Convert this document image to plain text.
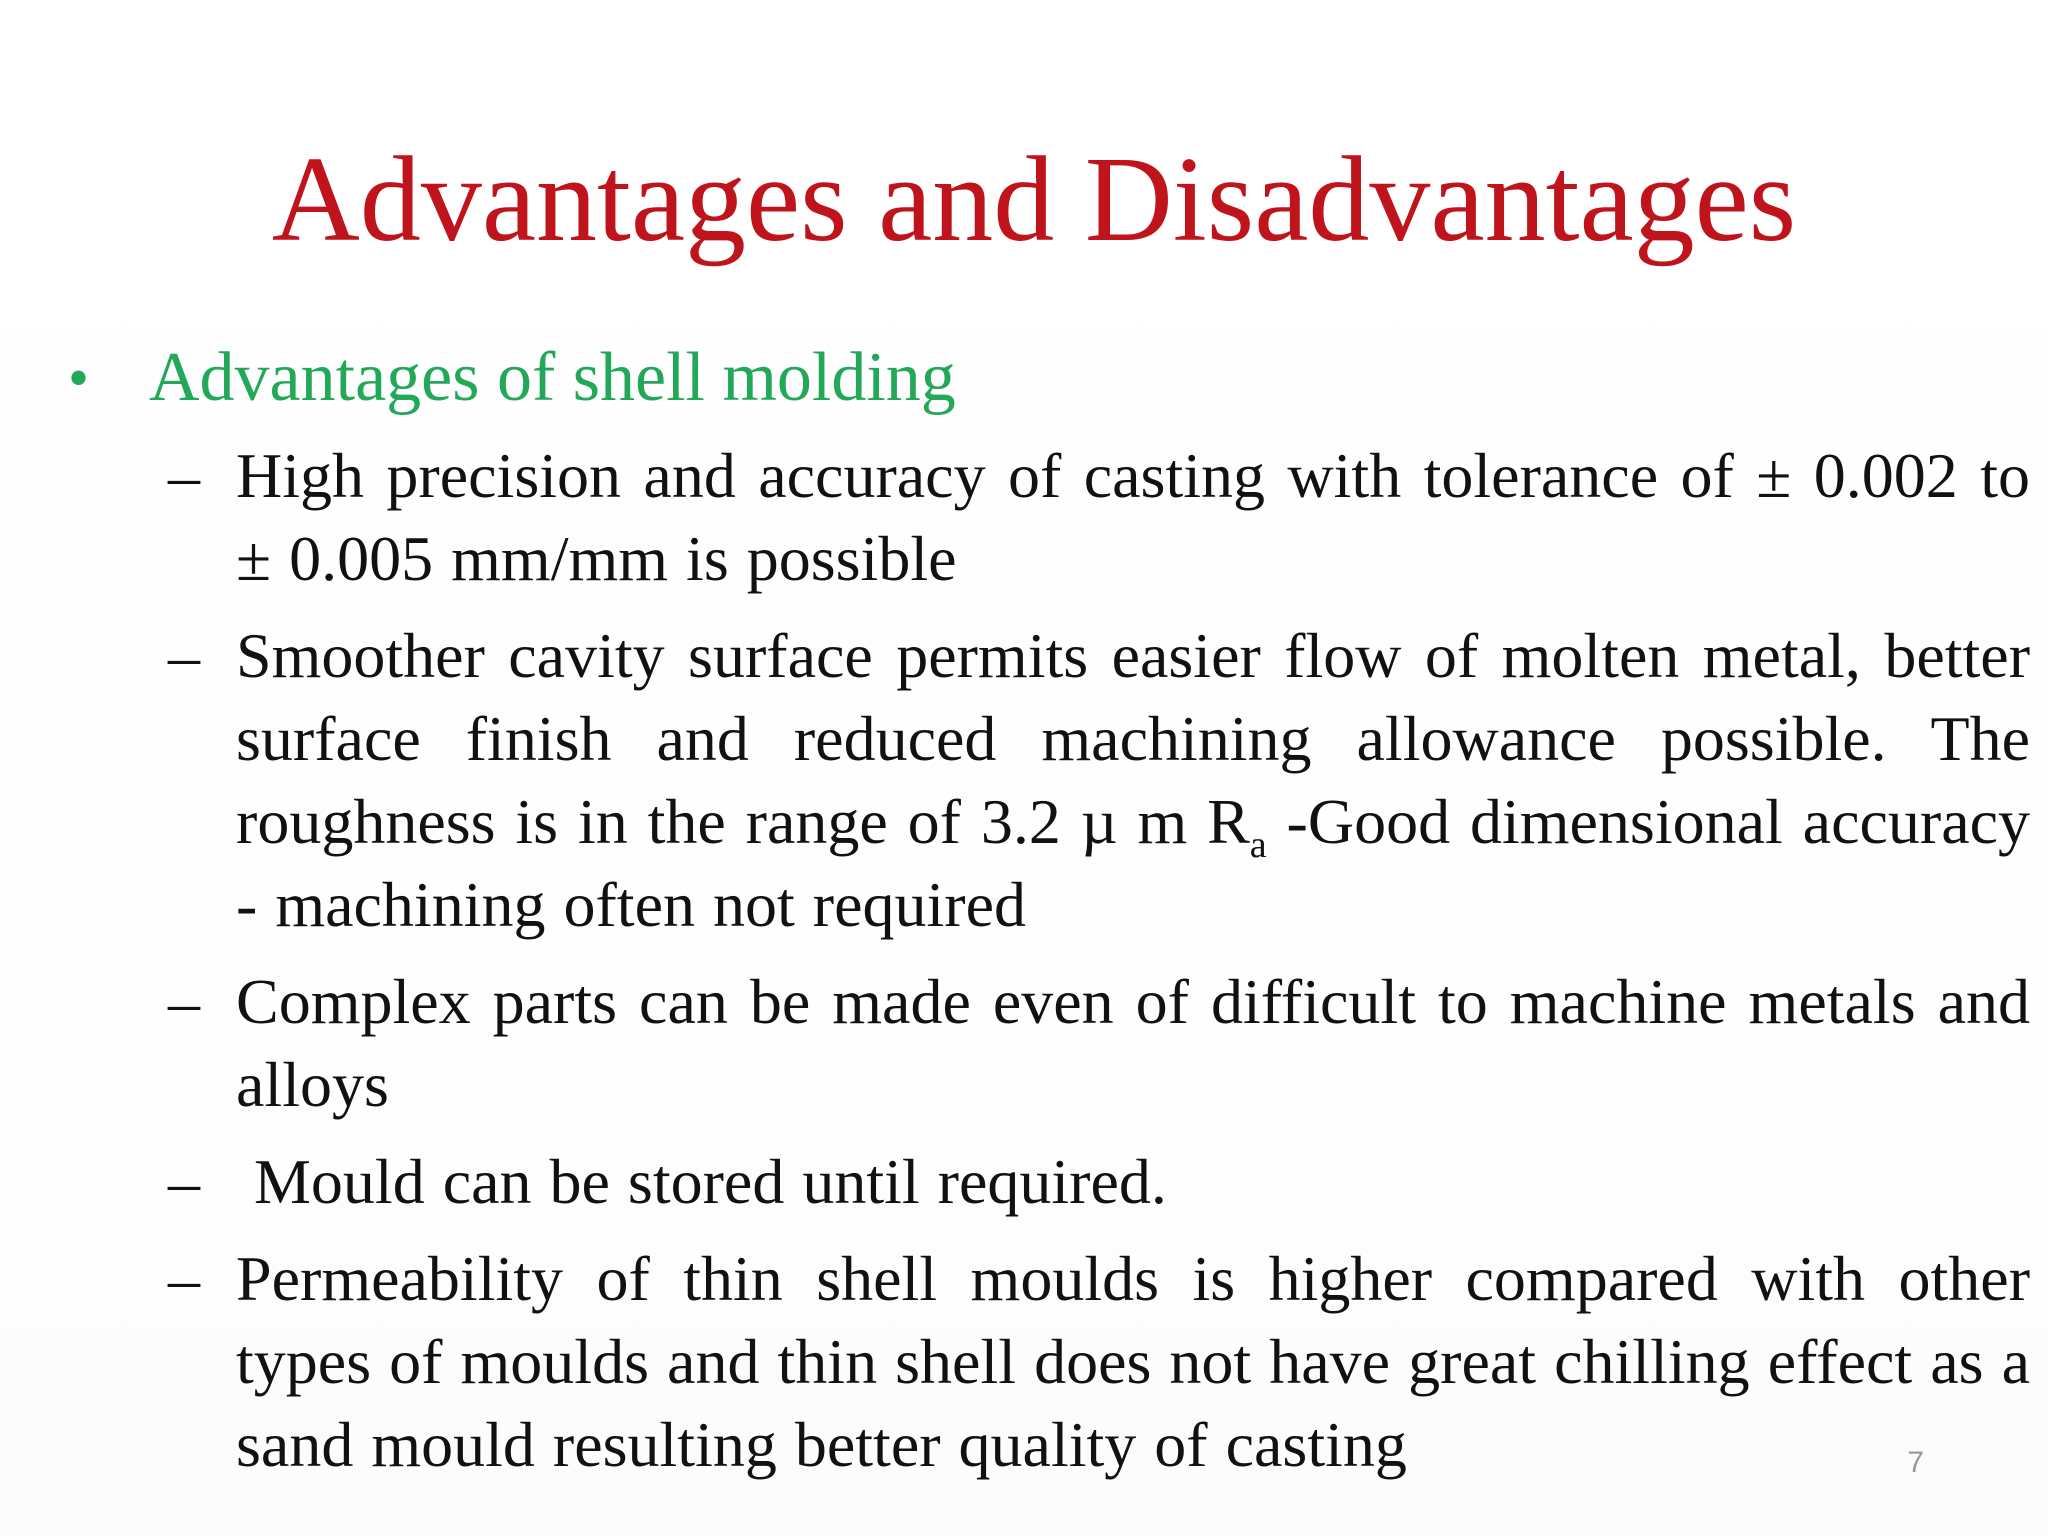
Advantages and Disadvantages
• Advantages of shell molding
– High precision and accuracy of casting with tolerance of ± 0.002 to ± 0.005 mm/mm is possible
– Smoother cavity surface permits easier flow of molten metal, better surface finish and reduced machining allowance possible. The roughness is in the range of 3.2 µ m $R_a$ -Good dimensional accuracy - machining often not required
– Complex parts can be made even of difficult to machine metals and alloys
– Mould can be stored until required.
– Permeability of thin shell moulds is higher compared with other types of moulds and thin shell does not have great chilling effect as a sand mould resulting better quality of casting	7
